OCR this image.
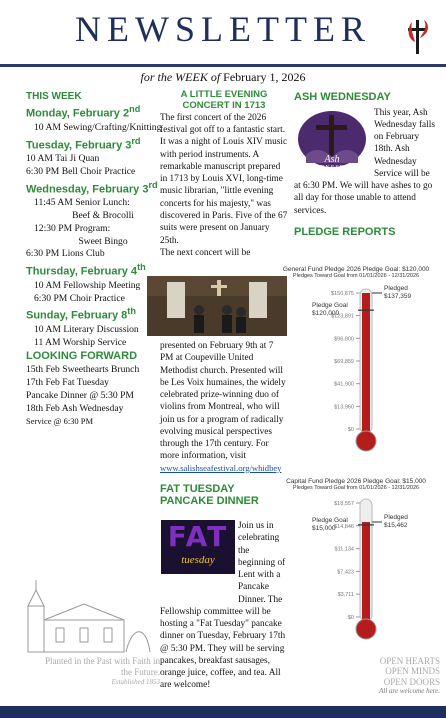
NEWSLETTER
for the WEEK of February 1, 2026
THIS WEEK
Monday, February 2nd
10 AM Sewing/Crafting/Knitting
Tuesday, February 3rd
10 AM Tai Ji Quan
6:30 PM Bell Choir Practice
Wednesday, February 3rd
11:45 AM Senior Lunch:
Beef & Brocolli
12:30 PM Program:
Sweet Bingo
6:30 PM Lions Club
Thursday, February 4th
10 AM Fellowship Meeting
6:30 PM Choir Practice
Sunday, February 8th
10 AM Literary Discussion
11 AM Worship Service
LOOKING FORWARD
15th Feb Sweethearts Brunch
17th Feb Fat Tuesday
Pancake Dinner @ 5:30 PM
18th Feb Ash Wednesday
Service @ 6:30 PM
Planted in the Past with Faith in
the Future.
Established 1853
A LITTLE EVENING CONCERT IN 1713

The first concert of the 2026 festival got off to a fantastic start. It was a night of Louis XIV music with period instruments. A remarkable manuscript prepared in 1713 by Louis XVI, long-time music librarian, "little evening concerts for his majesty," was discovered in Paris. Five of the 67 suits were present on January 25th.

The next concert will be

presented on February 9th at 7 PM at Coupeville United Methodist church. Presented will be Les Voix humaines, the widely celebrated prize-winning duo of violins from Montreal, who will join us for a program of radically evolving musical perspectives through the 17th century. For more information, visit

www.salishseafestival.org/whidbey
FAT TUESDAY PANCAKE DINNER
FAT
tuesday

Join us in celebrating the beginning of Lent with a Pancake Dinner. The Fellowship committee will be hosting a "Fat Tuesday" pancake dinner on Tuesday, February 17th @ 5:30 PM. They will be serving pancakes, breakfast sausages, orange juice, coffee, and tea. All are welcome!

ASH WEDNESDAY
Ash
WEDNESDAY

This year, Ash Wednesday falls on February 18th. Ash Wednesday Service will be at 6:30 PM. We will have ashes to go all day for those unable to attend services.

PLEDGE REPORTS
General Fund Pledge 2026 Pledge Goal: $120,000
Pledges Toward Goal from 01/01/2026 - 12/31/2026
$0
$13,960
$41,900
$69,859
$96,800
$123,891
$150,875
Pledge Goal
$120,000
Pledged
$137,359
Capital Fund Pledge 2026 Pledge Goal: $15,000
Pledges Toward Goal from 01/01/2026 - 12/31/2026
$0
$3,711
$7,423
$11,134
$14,846
$18,557
Pledge Goal
$15,000
Pledged
$15,462
OPEN HEARTS
OPEN MINDS
OPEN DOORS
All are welcome here.
